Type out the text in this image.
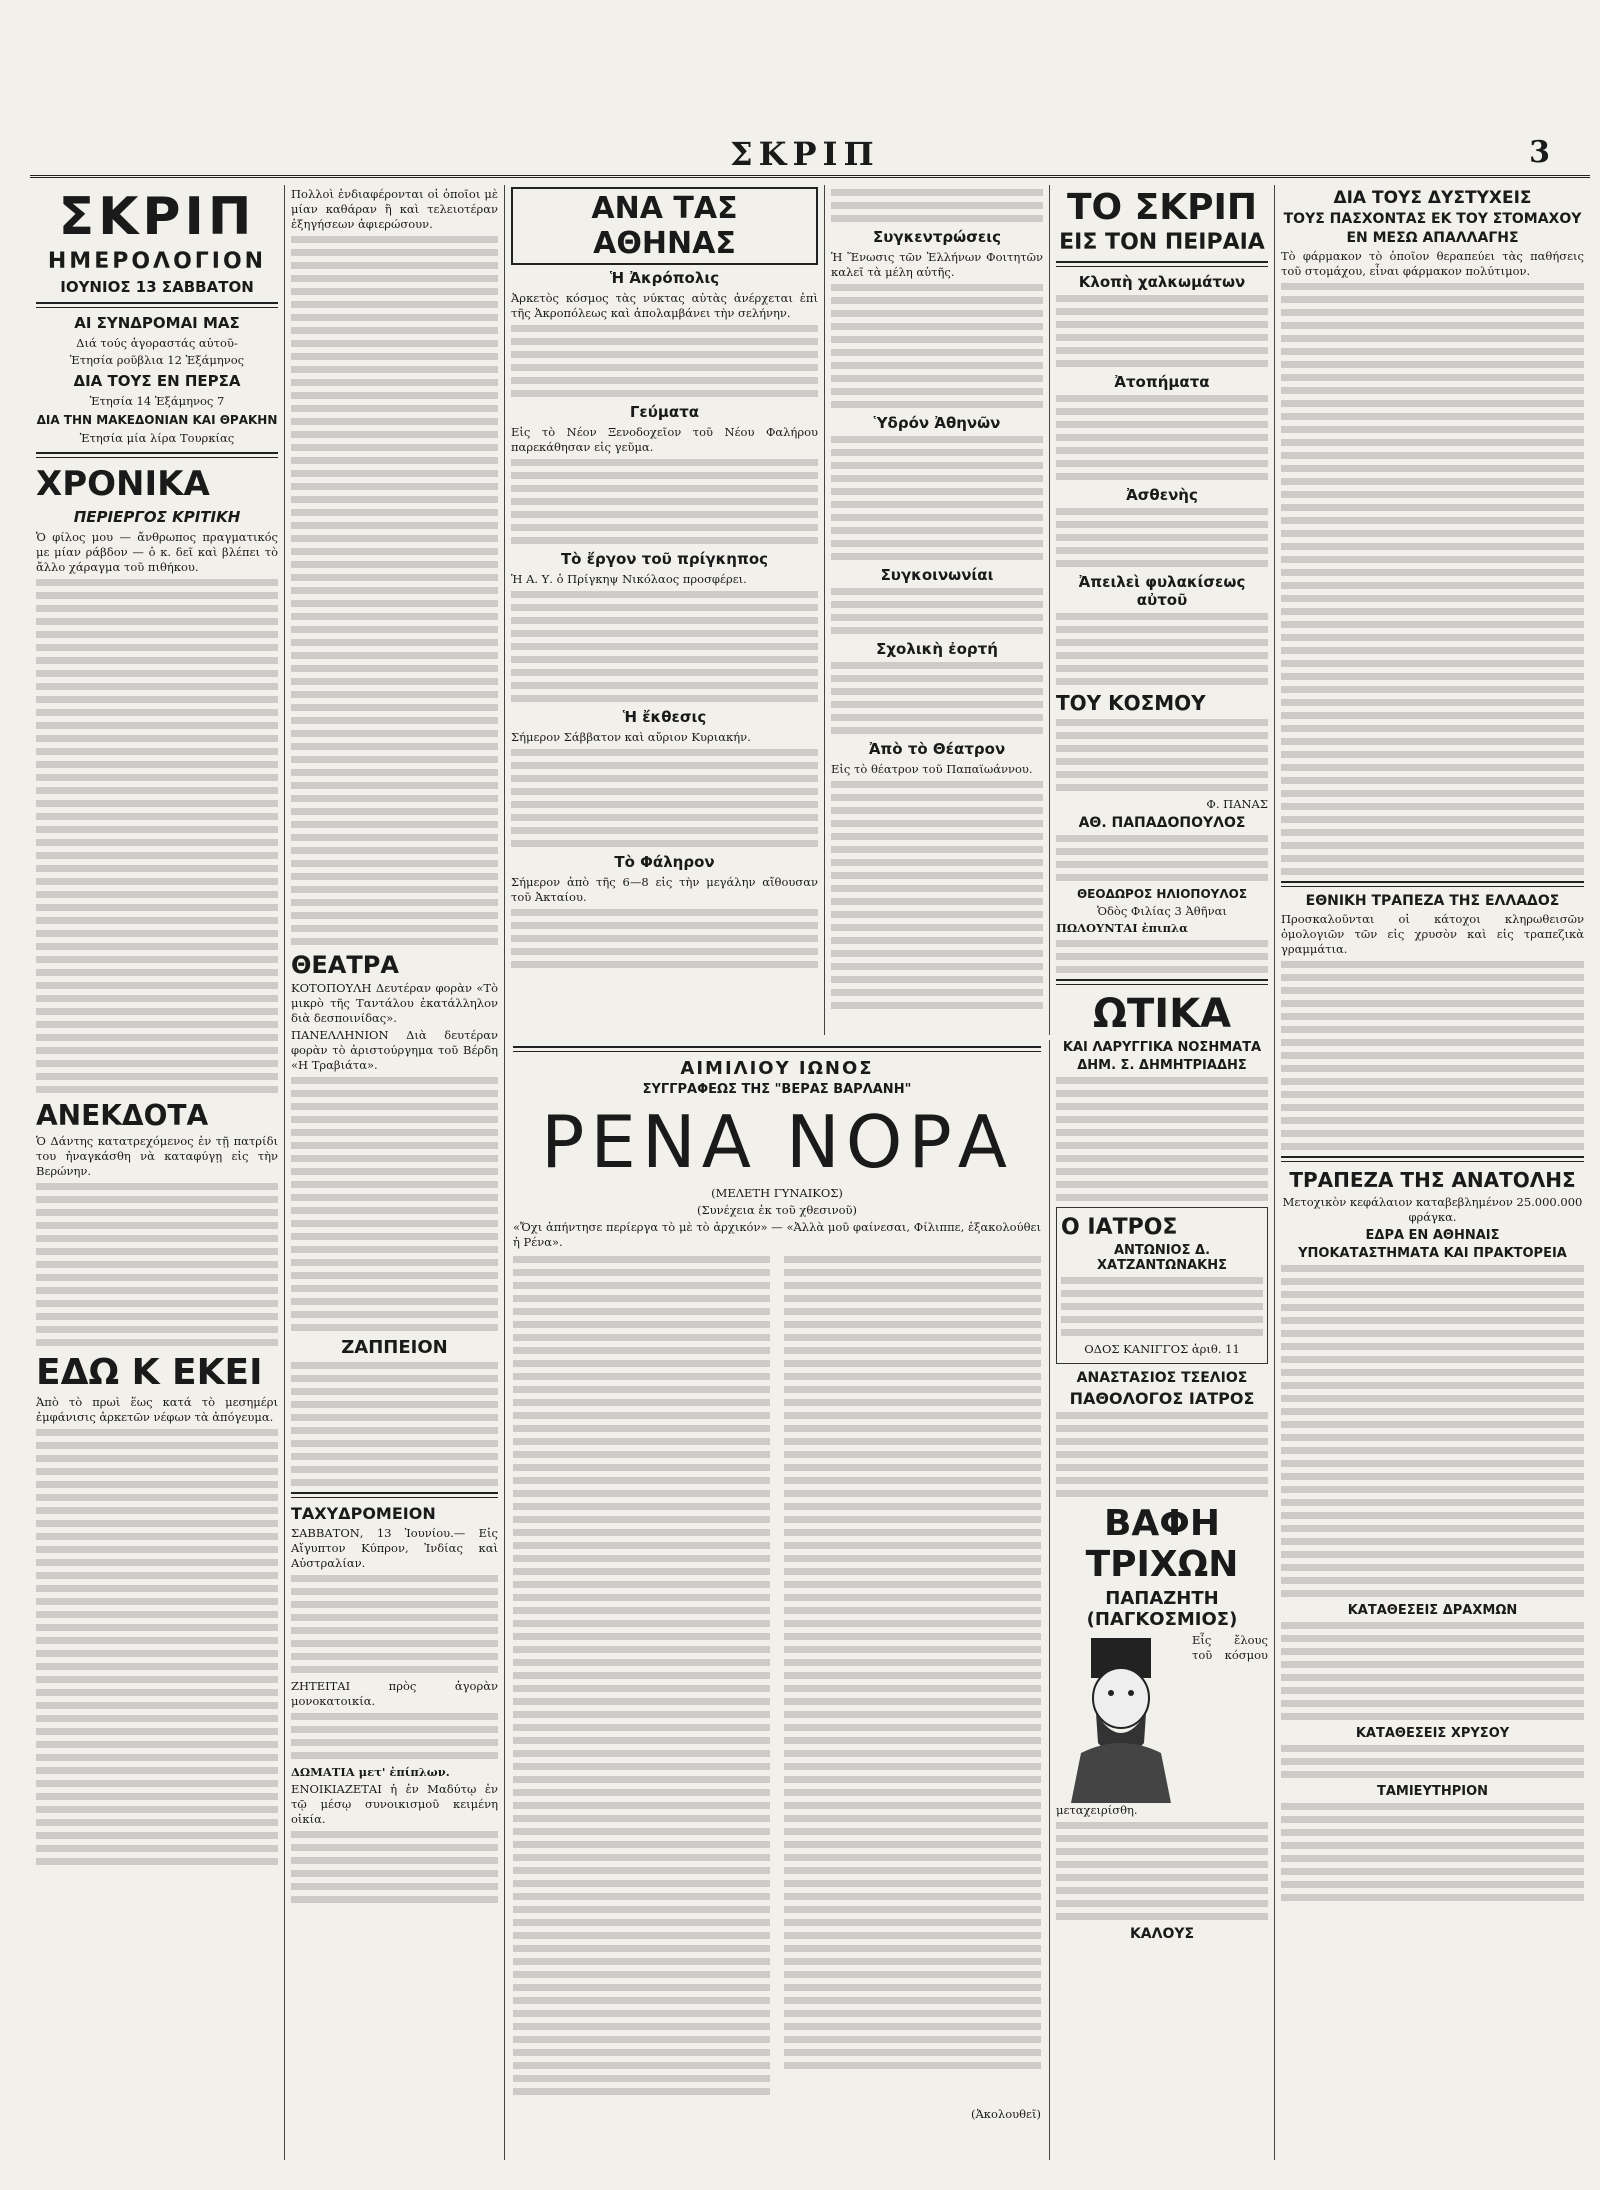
ΣΚΡΙΠ	3
ΣΚΡΙΠ
ΗΜΕΡΟΛΟΓΙΟΝ
ΙΟΥΝΙΟΣ 13 ΣΑΒΒΑΤΟΝ
ΑΙ ΣΥΝΔΡΟΜΑΙ ΜΑΣ
Διά τούς ἀγοραστάς αὐτοῦ-
Ἐτησία ροῦβλια 12 Ἑξάμηνος
ΔΙΑ ΤΟΥΣ ΕΝ ΠΕΡΣΑ
Ἐτησία 14 Ἑξάμηνος 7
ΔΙΑ ΤΗΝ ΜΑΚΕΔΟΝΙΑΝ ΚΑΙ ΘΡΑΚΗΝ
Ἐτησία μία λίρα Τουρκίας
ΧΡΟΝΙΚΑ
ΠΕΡΙΕΡΓΟΣ ΚΡΙΤΙΚΗ

Ὁ φίλος μου — ἄνθρωπος πραγματικός με μίαν ράβδον — ὁ κ. δεῖ καὶ βλέπει τὸ ἄλλο χάραγμα τοῦ πιθήκου.

ΑΝΕΚΔΟΤΑ

Ὁ Δάντης κατατρεχόμενος ἐν τῇ πατρίδι του ἠναγκάσθη νὰ καταφύγῃ εἰς τὴν Βερώνην.

ΕΔΩ Κ ΕΚΕΙ

Ἀπὸ τὸ πρωὶ ἕως κατά τὸ μεσημέρι ἐμφάνισις ἀρκετῶν νέφων τὰ ἀπόγευμα.

Πολλοὶ ἐνδιαφέρονται οἱ ὁποῖοι μὲ μίαν καθάραν ἢ καὶ τελειοτέραν ἐξηγήσεων ἀφιερώσουν.

ΘΕΑΤΡΑ

ΚΟΤΟΠΟΥΛΗ Δευτέραν φορὰν «Τὸ μικρὸ τῆς Ταντάλου ἐκατάλληλον διὰ δεσποινίδας».

ΠΑΝΕΛΛΗΝΙΟΝ Διὰ δευτέραν φορὰν τὸ ἀριστούργημα τοῦ Βέρδη «Η Τραβιάτα».

ΖΑΠΠΕΙΟΝ
ΤΑΧΥΔΡΟΜΕΙΟΝ

ΣΑΒΒΑΤΟΝ, 13 Ἰουνίου.— Εἰς Αἴγυπτον Κύπρον, Ἰνδίας καὶ Αὐστραλίαν.

ΖΗΤΕΙΤΑΙ πρὸς ἀγορὰν μονοκατοικία.

ΔΩΜΑΤΙΑ μετ' ἐπίπλων.

ΕΝΟΙΚΙΑΖΕΤΑΙ ἡ ἐν Μαδύτῳ ἐν τῷ μέσῳ συνοικισμοῦ κειμένη οἰκία.

ΑΝΑ ΤΑΣ ΑΘΗΝΑΣ
Ἡ Ἀκρόπολις

Ἀρκετὸς κόσμος τὰς νύκτας αὐτὰς ἀνέρχεται ἐπὶ τῆς Ἀκροπόλεως καὶ ἀπολαμβάνει τὴν σελήνην.

Γεύματα

Εἰς τὸ Νέον Ξενοδοχεῖον τοῦ Νέου Φαλήρου παρεκάθησαν εἰς γεῦμα.

Τὸ ἔργον τοῦ πρίγκηπος

Ἡ Α. Υ. ὁ Πρίγκηψ Νικόλαος προσφέρει.

Ἡ ἔκθεσις

Σήμερον Σάββατον καὶ αὔριον Κυριακήν.

Τὸ Φάληρον

Σήμερον ἀπὸ τῆς 6—8 εἰς τὴν μεγάλην αἴθουσαν τοῦ Ἀκταίου.

Συγκεντρώσεις

Ἡ Ἕνωσις τῶν Ἑλλήνων Φοιτητῶν καλεῖ τὰ μέλη αὐτῆς.

Ὑδρόν Ἀθηνῶν
Συγκοινωνίαι
Σχολικὴ ἐορτή
Ἀπὸ τὸ Θέατρον

Εἰς τὸ θέατρον τοῦ Παπαϊωάννου.

ΤΟ ΣΚΡΙΠ
ΕΙΣ ΤΟΝ ΠΕΙΡΑΙΑ
Κλοπὴ χαλκωμάτων
Ἀτοπήματα
Ἀσθενὴς
Ἀπειλεὶ φυλακίσεως αὐτοῦ
ΤΟΥ ΚΟΣΜΟΥ
Φ. ΠΑΝΑΣ
ΑΘ. ΠΑΠΑΔΟΠΟΥΛΟΣ
ΘΕΟΔΩΡΟΣ ΗΛΙΟΠΟΥΛΟΣ
Ὁδὸς Φιλίας 3 Ἀθῆναι
ΠΩΛΟΥΝΤΑΙ ἐπιπλα
ΩΤΙΚΑ
ΚΑΙ ΛΑΡΥΓΓΙΚΑ ΝΟΣΗΜΑΤΑ
ΔΗΜ. Σ. ΔΗΜΗΤΡΙΑΔΗΣ
Ο ΙΑΤΡΟΣ
ΑΝΤΩΝΙΟΣ Δ. ΧΑΤΖΑΝΤΩΝΑΚΗΣ
ΟΔΟΣ ΚΑΝΙΓΓΟΣ ἀριθ. 11
ΑΝΑΣΤΑΣΙΟΣ ΤΣΕΛΙΟΣ
ΠΑΘΟΛΟΓΟΣ ΙΑΤΡΟΣ
ΒΑΦΗ ΤΡΙΧΩΝ
ΠΑΠΑΖΗΤΗ (ΠΑΓΚΟΣΜΙΟΣ)

Εἶς ἔλους τοῦ κόσμου μεταχειρίσθη.

ΚΑΛΟΥΣ
ΔΙΑ ΤΟΥΣ ΔΥΣΤΥΧΕΙΣ
ΤΟΥΣ ΠΑΣΧΟΝΤΑΣ ΕΚ ΤΟΥ ΣΤΟΜΑΧΟΥ
ΕΝ ΜΕΣΩ ΑΠΑΛΛΑΓΗΣ

Τὸ φάρμακον τὸ ὁποῖον θεραπεύει τὰς παθήσεις τοῦ στομάχου, εἶναι φάρμακον πολύτιμον.

ΕΘΝΙΚΗ ΤΡΑΠΕΖΑ ΤΗΣ ΕΛΛΑΔΟΣ

Προσκαλοῦνται οἱ κάτοχοι κληρωθεισῶν ὁμολογιῶν τῶν εἰς χρυσὸν καὶ εἰς τραπεζικὰ γραμμάτια.

ΤΡΑΠΕΖΑ ΤΗΣ ΑΝΑΤΟΛΗΣ

Μετοχικὸν κεφάλαιον καταβεβλημένον 25.000.000 φράγκα.

ΕΔΡΑ ΕΝ ΑΘΗΝΑΙΣ
ΥΠΟΚΑΤΑΣΤΗΜΑΤΑ ΚΑΙ ΠΡΑΚΤΟΡΕΙΑ
ΚΑΤΑΘΕΣΕΙΣ ΔΡΑΧΜΩΝ
ΚΑΤΑΘΕΣΕΙΣ ΧΡΥΣΟΥ
ΤΑΜΙΕΥΤΗΡΙΟΝ
ΑΙΜΙΛΙΟΥ ΙΩΝΟΣ
ΣΥΓΓΡΑΦΕΩΣ ΤΗΣ "ΒΕΡΑΣ ΒΑΡΛΑΝΗ"
ΡΕΝΑ ΝΟΡΑ
(ΜΕΛΕΤΗ ΓΥΝΑΙΚΟΣ)
(Συνέχεια ἐκ τοῦ χθεσινοῦ)

«Ὄχι ἀπήντησε περίεργα τὸ μὲ τὸ ἀρχικόν» — «Ἀλλὰ μοῦ φαίνεσαι, Φίλιππε, ἐξακολούθει ἡ Ρένα».

(Ἀκολουθεῖ)
